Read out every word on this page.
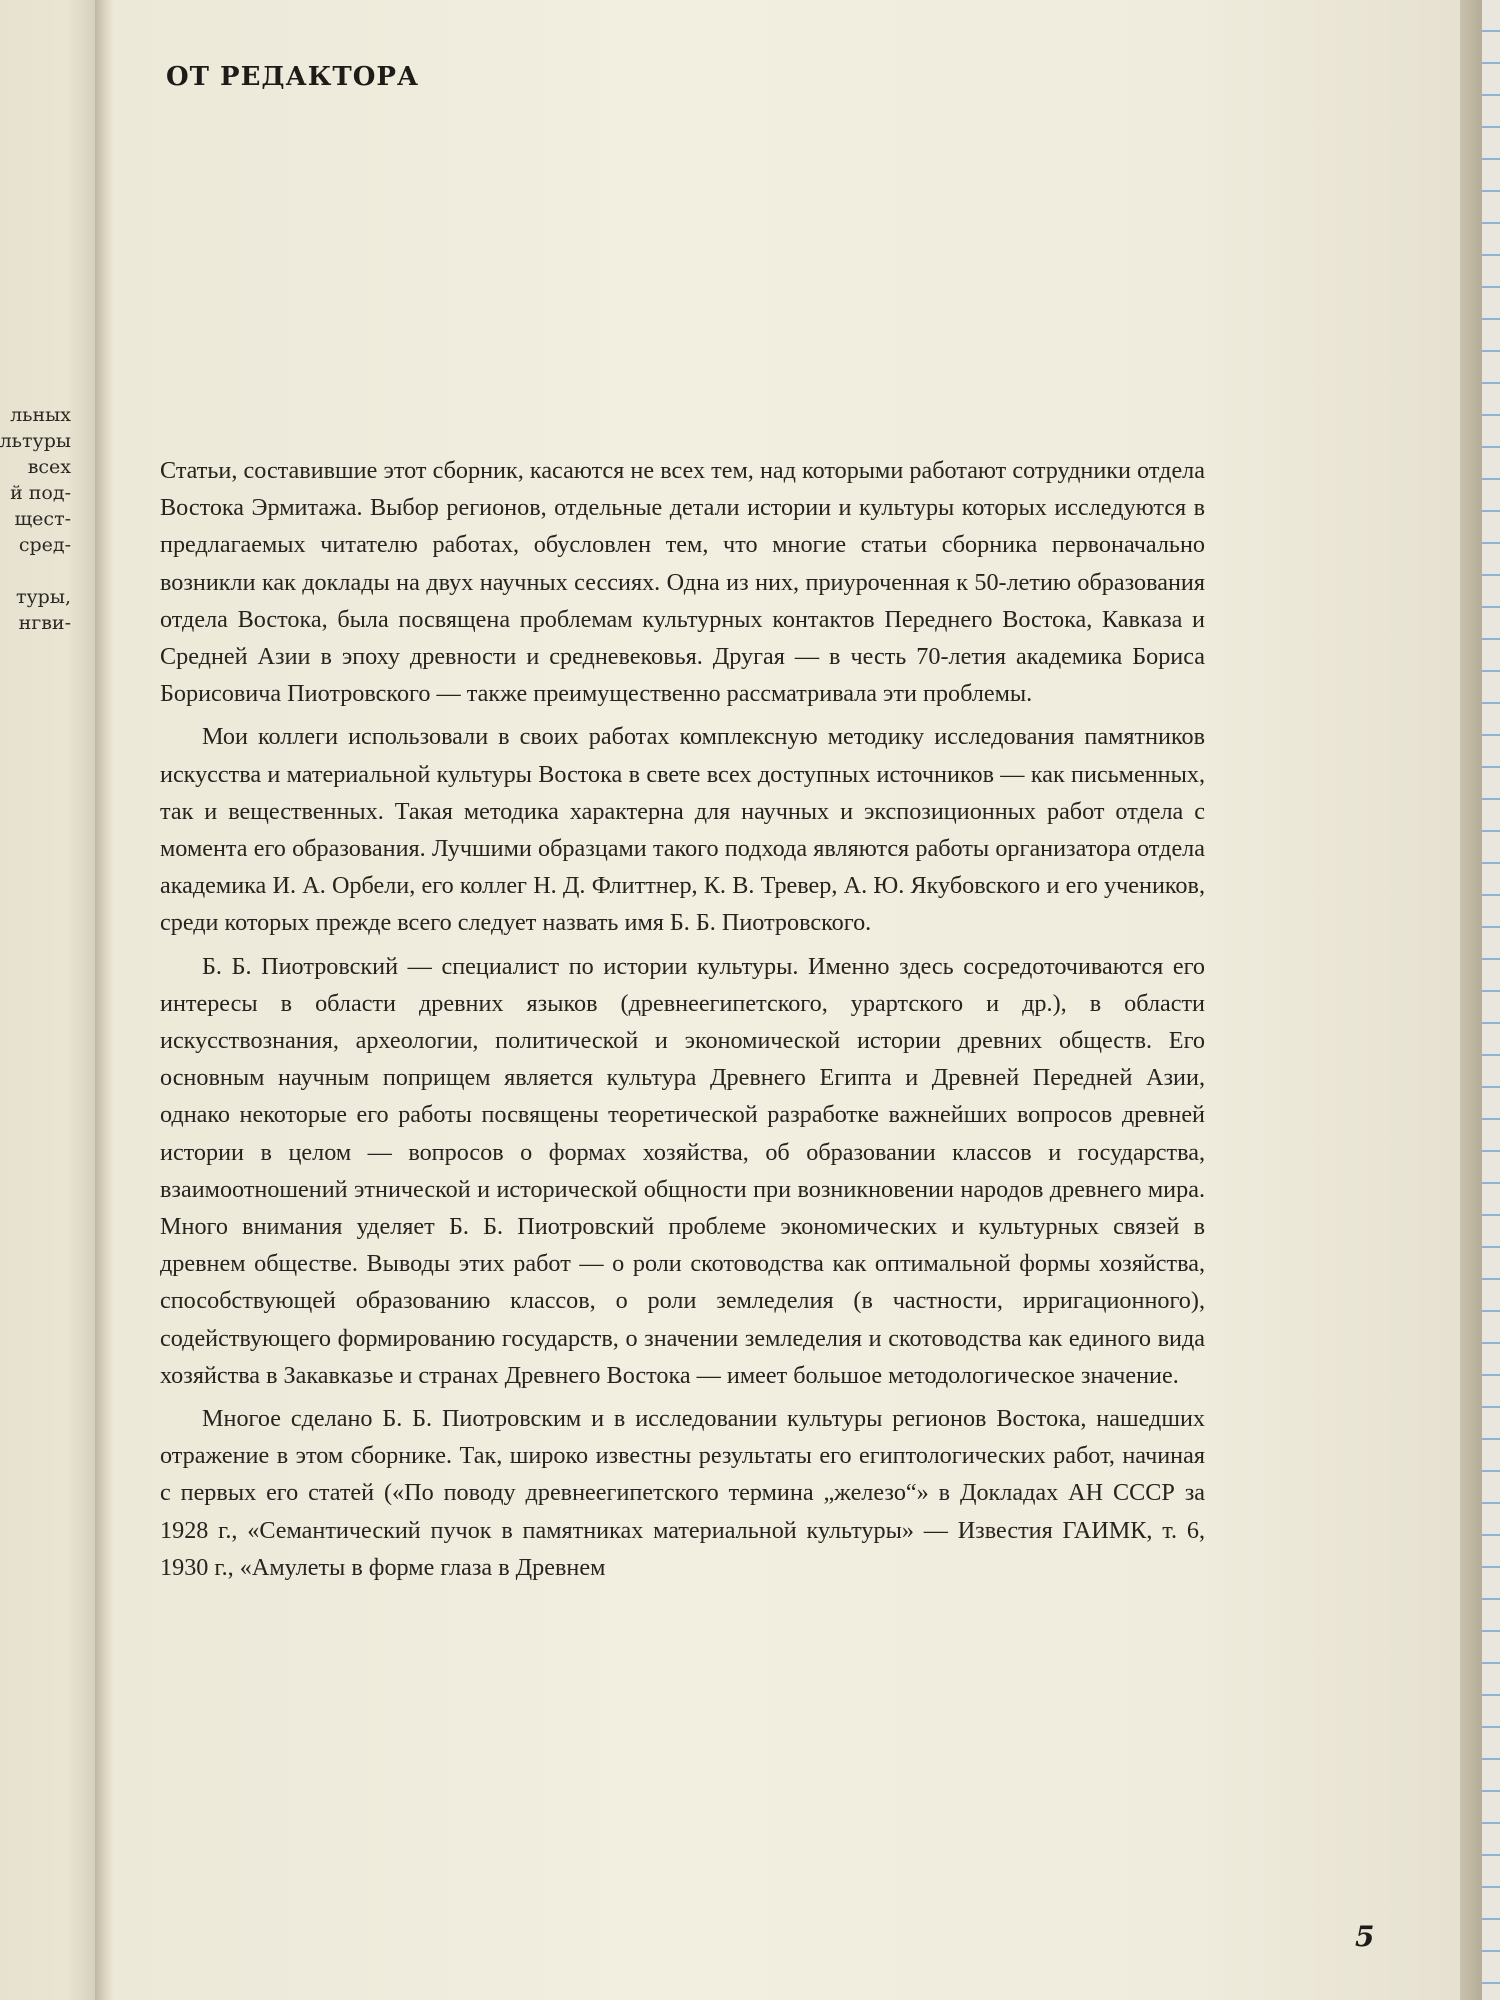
льных
льтуры
всех
й под-
щест-
сред-
туры,
нгви-
ОТ РЕДАКТОРА

Статьи, составившие этот сборник, касаются не всех тем, над которыми работают сотрудники отдела Востока Эрмитажа. Выбор регионов, отдельные детали истории и культуры которых исследуются в предлагаемых читателю работах, обусловлен тем, что многие статьи сборника первоначально возникли как доклады на двух научных сессиях. Одна из них, приуроченная к 50-летию образования отдела Востока, была посвящена проблемам культурных контактов Переднего Востока, Кавказа и Средней Азии в эпоху древности и средневековья. Другая — в честь 70-летия академика Бориса Борисовича Пиотровского — также преимущественно рассматривала эти проблемы.

Мои коллеги использовали в своих работах комплексную методику исследования памятников искусства и материальной культуры Востока в свете всех доступных источников — как письменных, так и вещественных. Такая методика характерна для научных и экспозиционных работ отдела с момента его образования. Лучшими образцами такого подхода являются работы организатора отдела академика И. А. Орбели, его коллег Н. Д. Флиттнер, К. В. Тревер, А. Ю. Якубовского и его учеников, среди которых прежде всего следует назвать имя Б. Б. Пиотровского.

Б. Б. Пиотровский — специалист по истории культуры. Именно здесь сосредоточиваются его интересы в области древних языков (древнеегипетского, урартского и др.), в области искусствознания, археологии, политической и экономической истории древних обществ. Его основным научным поприщем является культура Древнего Египта и Древней Передней Азии, однако некоторые его работы посвящены теоретической разработке важнейших вопросов древней истории в целом — вопросов о формах хозяйства, об образовании классов и государства, взаимоотношений этнической и исторической общности при возникновении народов древнего мира. Много внимания уделяет Б. Б. Пиотровский проблеме экономических и культурных связей в древнем обществе. Выводы этих работ — о роли скотоводства как оптимальной формы хозяйства, способствующей образованию классов, о роли земледелия (в частности, ирригационного), содействующего формированию государств, о значении земледелия и скотоводства как единого вида хозяйства в Закавказье и странах Древнего Востока — имеет большое методологическое значение.

Многое сделано Б. Б. Пиотровским и в исследовании культуры регионов Востока, нашедших отражение в этом сборнике. Так, широко известны результаты его египтологических работ, начиная с первых его статей («По поводу древнеегипетского термина „железо“» в Докладах АН СССР за 1928 г., «Семантический пучок в памятниках материальной культуры» — Известия ГАИМК, т. 6, 1930 г., «Амулеты в форме глаза в Древнем

5
